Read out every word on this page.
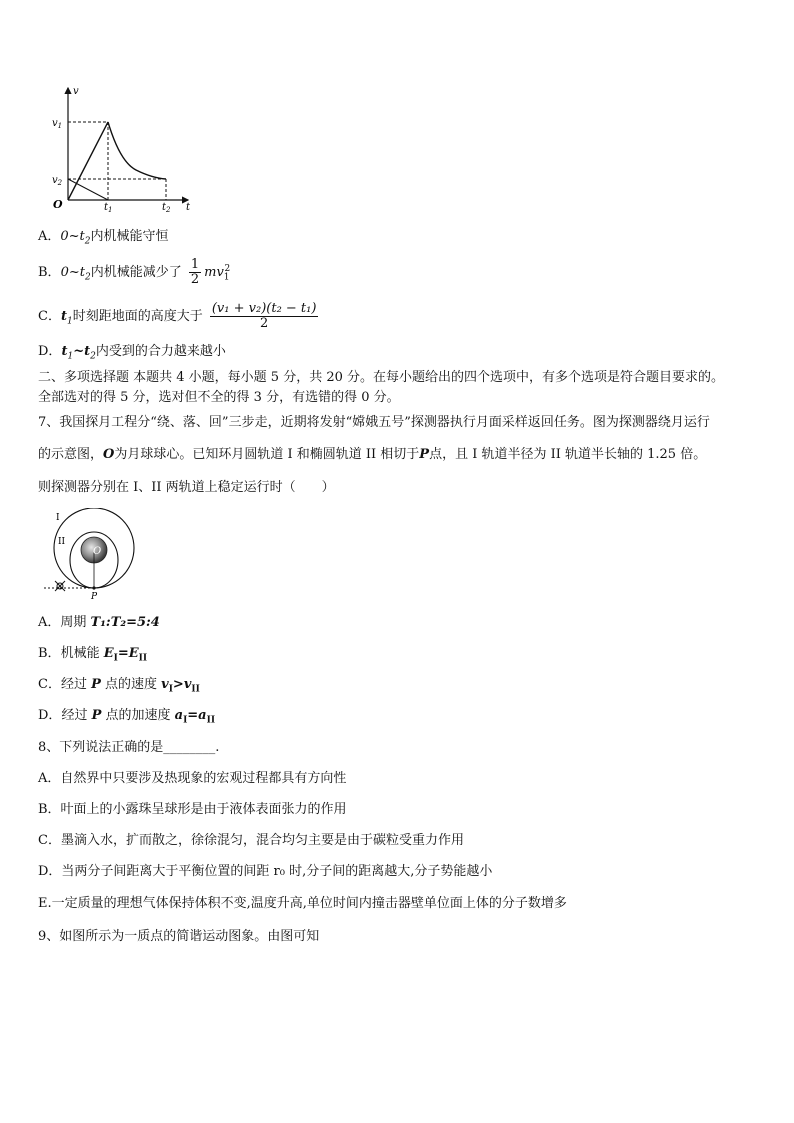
v
$v_1$
$v_2$
O	$t_1$	$t_2$ t
A．$0\sim t_2$内机械能守恒
B．$0\sim t_2$内机械能减少了 $\frac{1}{2} mv_1^2$
C．$t_1$时刻距地面的高度大于 $\frac{\text{(v₁ + v₂)(t₂ − t₁)}}{2}$
D．$t_1\sim t_2$内受到的合力越来越小
二、多项选择题 本题共 4 小题，每小题 5 分，共 20 分。在每小题给出的四个选项中，有多个选项是符合题目要求的。
全部选对的得 5 分，选对但不全的得 3 分，有选错的得 0 分。
7、我国探月工程分“绕、落、回”三步走，近期将发射“嫦娥五号”探测器执行月面采样返回任务。图为探测器绕月运行
的示意图，O为月球球心。已知环月圆轨道 I 和椭圆轨道 II 相切于P点，且 I 轨道半径为 II 轨道半长轴的 1.25 倍。
则探测器分别在 I、II 两轨道上稳定运行时（　　）
I
II
O
P
A．周期 T₁:T₂=5:4
B．机械能 $E_I=E_{II}$
C．经过 P 点的速度 $v_I>v_{II}$
D．经过 P 点的加速度 $a_I=a_{II}$
8、下列说法正确的是________.
A．自然界中只要涉及热现象的宏观过程都具有方向性
B．叶面上的小露珠呈球形是由于液体表面张力的作用
C．墨滴入水，扩而散之，徐徐混匀，混合均匀主要是由于碳粒受重力作用
D．当两分子间距离大于平衡位置的间距 r₀ 时,分子间的距离越大,分子势能越小
E.一定质量的理想气体保持体积不变,温度升高,单位时间内撞击器壁单位面上体的分子数增多
9、如图所示为一质点的简谐运动图象。由图可知
